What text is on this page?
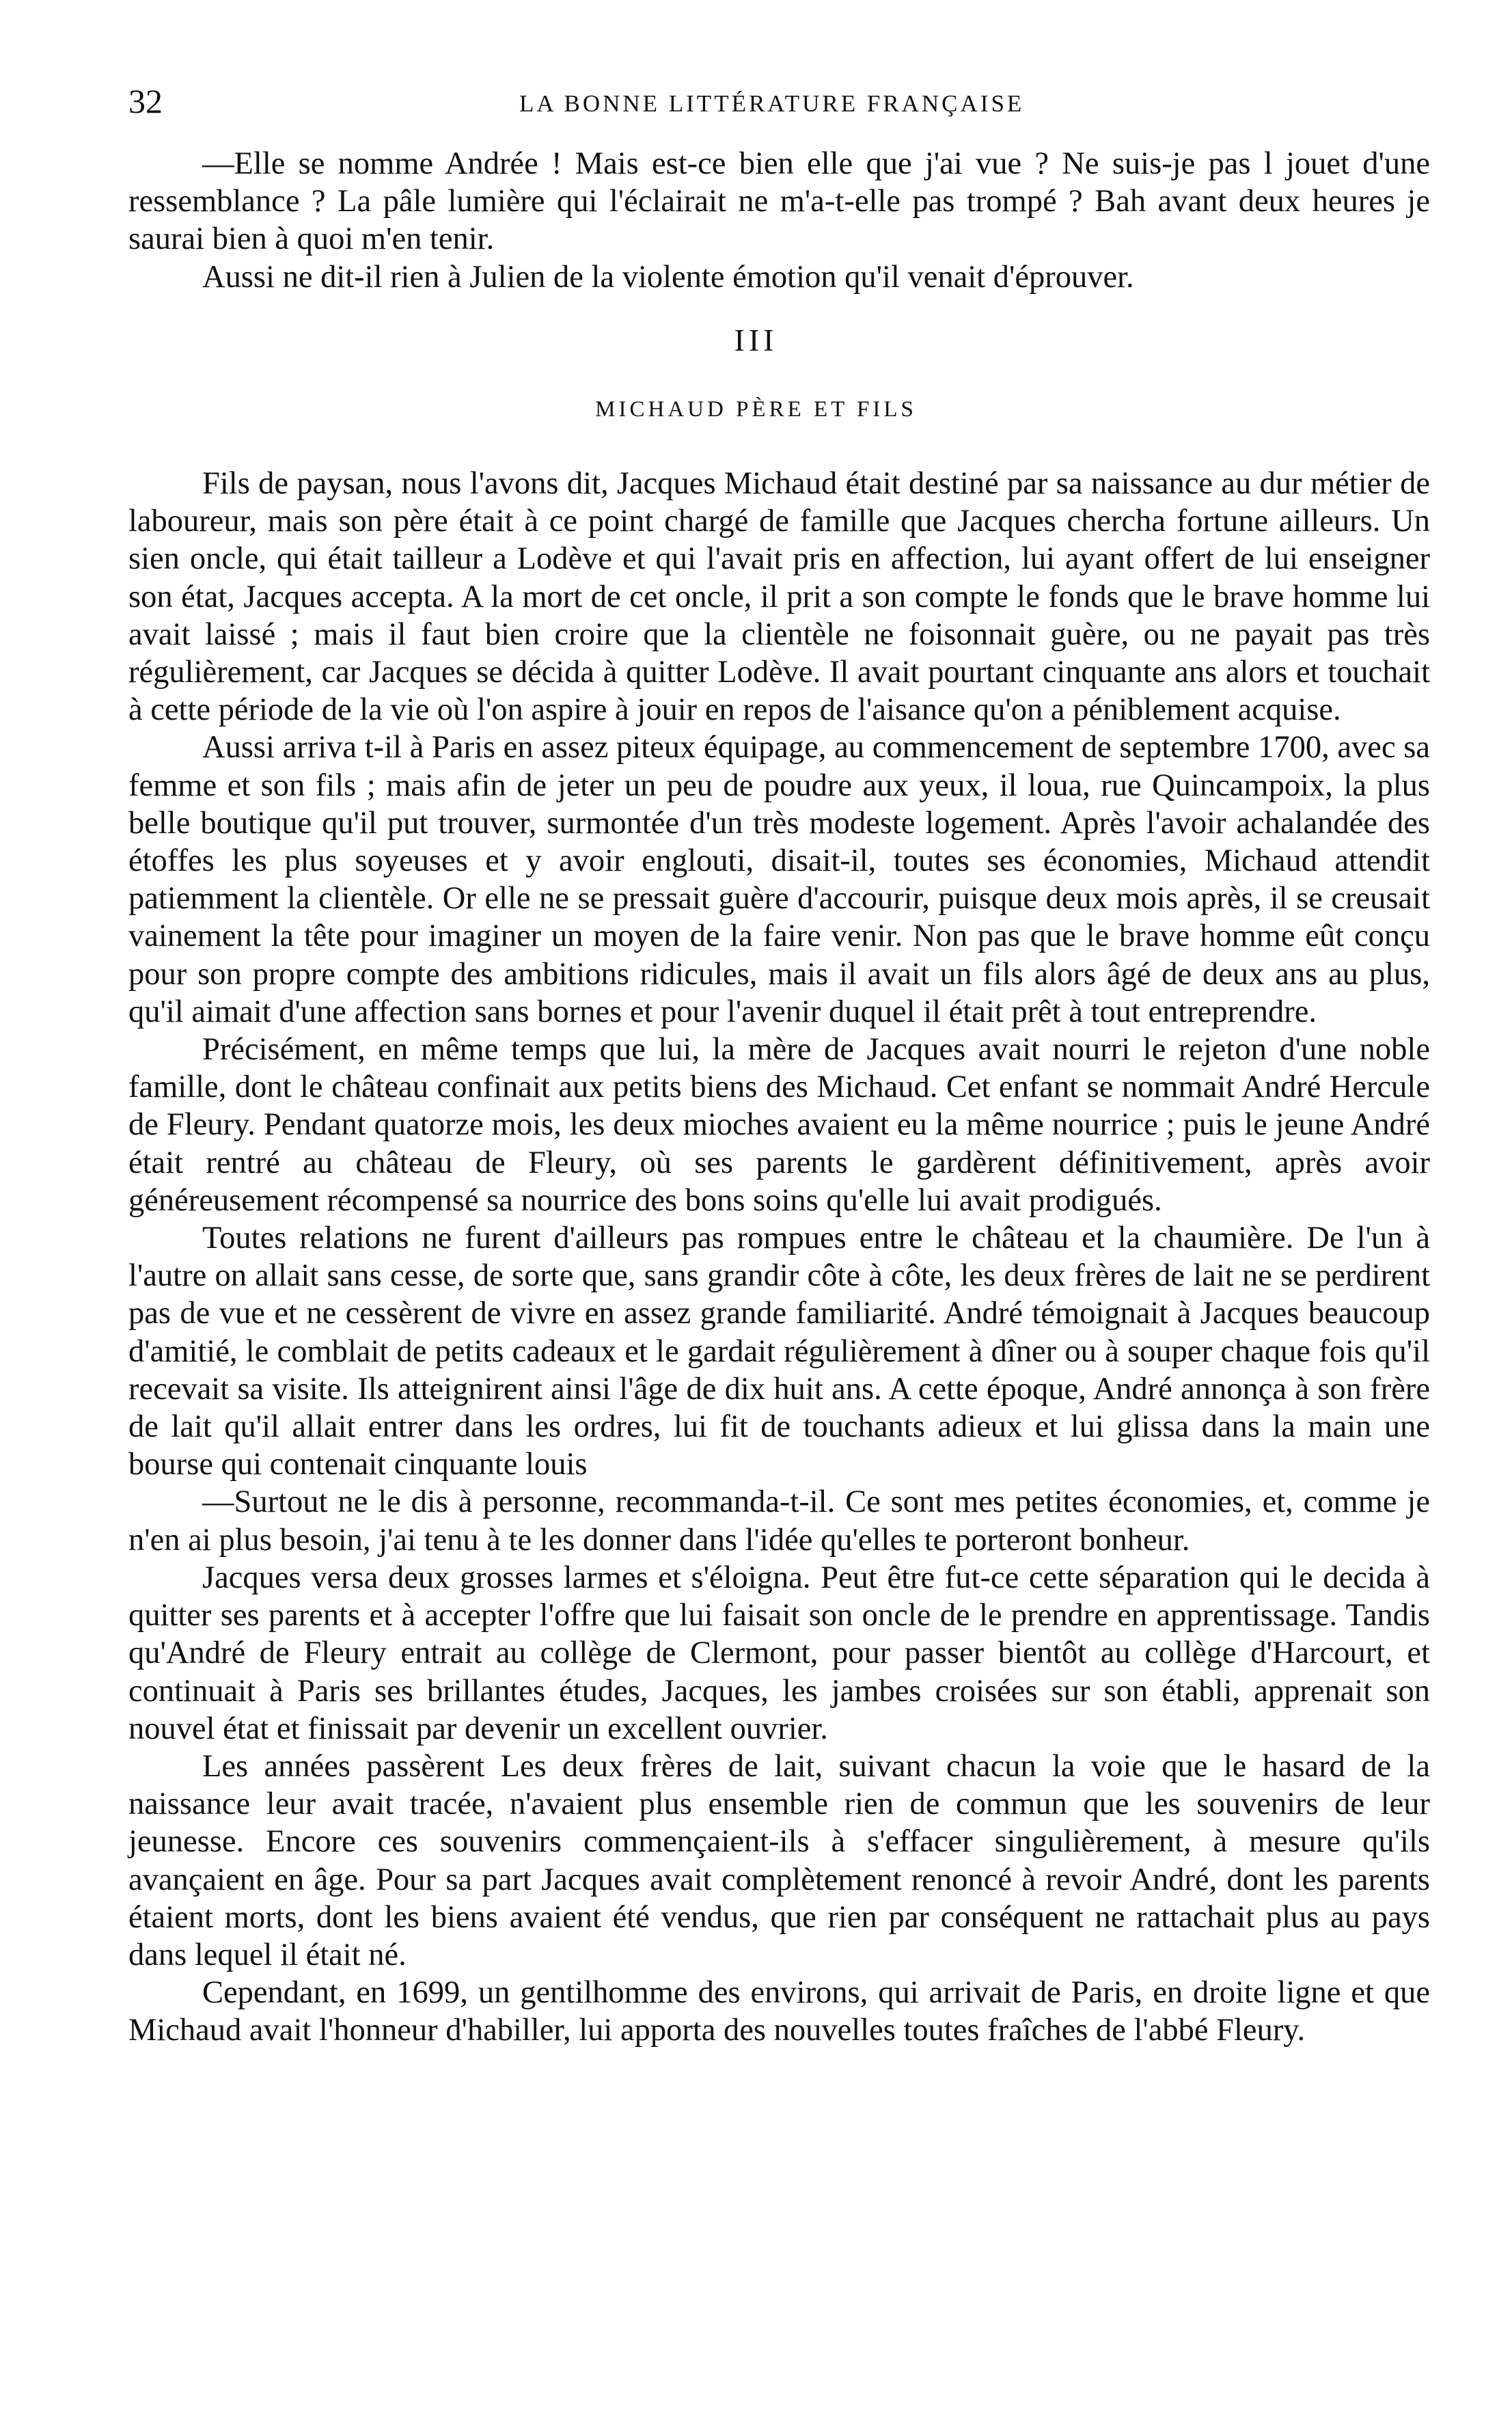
32	LA BONNE LITTÉRATURE FRANÇAISE

—Elle se nomme Andrée ! Mais est-ce bien elle que j'ai vue ? Ne suis-je pas l jouet d'une ressemblance ? La pâle lumière qui l'éclairait ne m'a-t-elle pas trompé ? Bah avant deux heures je saurai bien à quoi m'en tenir.

Aussi ne dit-il rien à Julien de la violente émotion qu'il venait d'éprouver.

III
MICHAUD PÈRE ET FILS

Fils de paysan, nous l'avons dit, Jacques Michaud était destiné par sa naissance au dur métier de laboureur, mais son père était à ce point chargé de famille que Jacques chercha fortune ailleurs. Un sien oncle, qui était tailleur a Lodève et qui l'avait pris en affection, lui ayant offert de lui enseigner son état, Jacques accepta. A la mort de cet oncle, il prit a son compte le fonds que le brave homme lui avait laissé ; mais il faut bien croire que la clientèle ne foisonnait guère, ou ne payait pas très régulièrement, car Jacques se décida à quitter Lodève. Il avait pourtant cinquante ans alors et touchait à cette période de la vie où l'on aspire à jouir en repos de l'aisance qu'on a péniblement acquise.

Aussi arriva t-il à Paris en assez piteux équipage, au commencement de septembre 1700, avec sa femme et son fils ; mais afin de jeter un peu de poudre aux yeux, il loua, rue Quincampoix, la plus belle boutique qu'il put trouver, surmontée d'un très modeste logement. Après l'avoir achalandée des étoffes les plus soyeuses et y avoir englouti, disait-il, toutes ses économies, Michaud attendit patiemment la clientèle. Or elle ne se pressait guère d'accourir, puisque deux mois après, il se creusait vainement la tête pour imaginer un moyen de la faire venir. Non pas que le brave homme eût conçu pour son propre compte des ambitions ridicules, mais il avait un fils alors âgé de deux ans au plus, qu'il aimait d'une affection sans bornes et pour l'avenir duquel il était prêt à tout entreprendre.

Précisément, en même temps que lui, la mère de Jacques avait nourri le rejeton d'une noble famille, dont le château confinait aux petits biens des Michaud. Cet enfant se nommait André Hercule de Fleury. Pendant quatorze mois, les deux mioches avaient eu la même nourrice ; puis le jeune André était rentré au château de Fleury, où ses parents le gardèrent définitivement, après avoir généreusement récompensé sa nourrice des bons soins qu'elle lui avait prodigués.

Toutes relations ne furent d'ailleurs pas rompues entre le château et la chaumière. De l'un à l'autre on allait sans cesse, de sorte que, sans grandir côte à côte, les deux frères de lait ne se perdirent pas de vue et ne cessèrent de vivre en assez grande familiarité. André témoignait à Jacques beaucoup d'amitié, le comblait de petits cadeaux et le gardait régulièrement à dîner ou à souper chaque fois qu'il recevait sa visite. Ils atteignirent ainsi l'âge de dix huit ans. A cette époque, André annonça à son frère de lait qu'il allait entrer dans les ordres, lui fit de touchants adieux et lui glissa dans la main une bourse qui contenait cinquante louis

—Surtout ne le dis à personne, recommanda-t-il. Ce sont mes petites économies, et, comme je n'en ai plus besoin, j'ai tenu à te les donner dans l'idée qu'elles te porteront bonheur.

Jacques versa deux grosses larmes et s'éloigna. Peut être fut-ce cette séparation qui le decida à quitter ses parents et à accepter l'offre que lui faisait son oncle de le prendre en apprentissage. Tandis qu'André de Fleury entrait au collège de Clermont, pour passer bientôt au collège d'Harcourt, et continuait à Paris ses brillantes études, Jacques, les jambes croisées sur son établi, apprenait son nouvel état et finissait par devenir un excellent ouvrier.

Les années passèrent Les deux frères de lait, suivant chacun la voie que le hasard de la naissance leur avait tracée, n'avaient plus ensemble rien de commun que les souvenirs de leur jeunesse. Encore ces souvenirs commençaient-ils à s'effacer singulièrement, à mesure qu'ils avançaient en âge. Pour sa part Jacques avait complètement renoncé à revoir André, dont les parents étaient morts, dont les biens avaient été vendus, que rien par conséquent ne rattachait plus au pays dans lequel il était né.

Cependant, en 1699, un gentilhomme des environs, qui arrivait de Paris, en droite ligne et que Michaud avait l'honneur d'habiller, lui apporta des nouvelles toutes fraîches de l'abbé Fleury.
